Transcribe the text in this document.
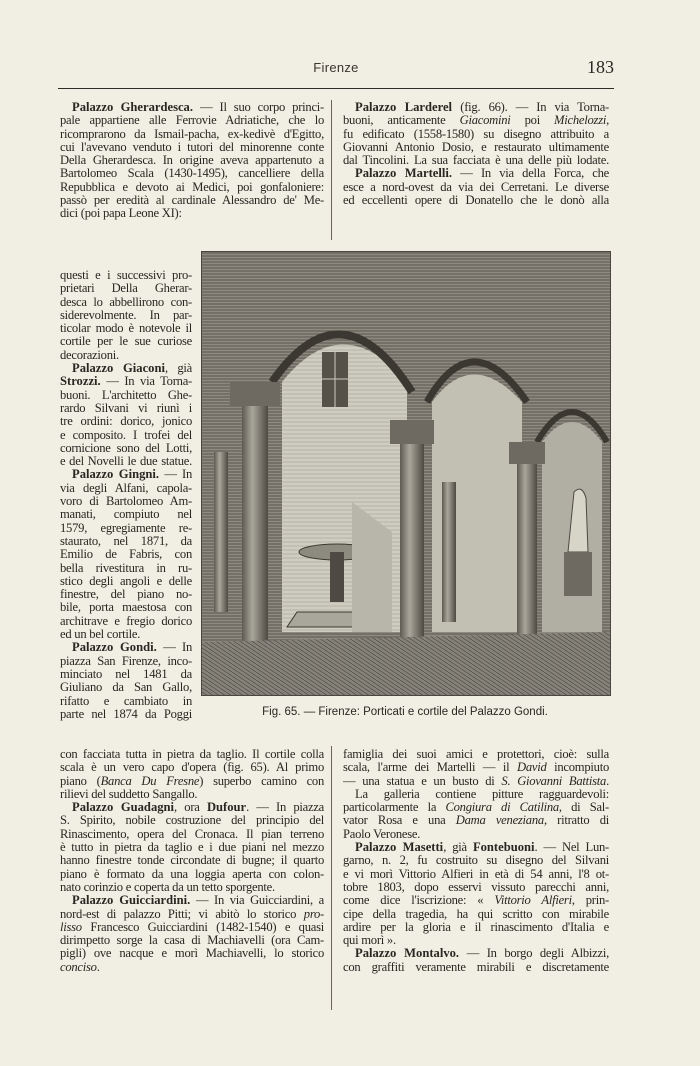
Firenze	183
Palazzo Gherardesca. — Il suo corpo princi-
pale appartiene alle Ferrovie Adriatiche, che lo
ricomprarono da Ismail-pacha, ex-kedivè d'Egitto,
cui l'avevano venduto i tutori del minorenne conte
Della Gherardesca. In origine aveva appartenuto a
Bartolomeo Scala (1430-1495), cancelliere della
Repubblica e devoto ai Medici, poi gonfaloniere:
passò per eredità al cardinale Alessandro de' Me-
dici (poi papa Leone XI):
questi e i successivi pro-
prietari Della Gherar-
desca lo abbellirono con-
siderevolmente. In par-
ticolar modo è notevole il
cortile per le sue curiose
decorazioni.
Palazzo Giaconi, già
Strozzi. — In via Torna-
buoni. L'architetto Ghe-
rardo Silvani vi riunì i
tre ordini: dorico, jonico
e composito. I trofei del
cornicione sono del Lotti,
e del Novelli le due statue.
Palazzo Gingni. — In
via degli Alfani, capola-
voro di Bartolomeo Am-
manati, compiuto nel
1579, egregiamente re-
staurato, nel 1871, da
Emilio de Fabris, con
bella rivestitura in ru-
stico degli angoli e delle
finestre, del piano no-
bile, porta maestosa con
architrave e fregio dorico
ed un bel cortile.
Palazzo Gondi. — In
piazza San Firenze, inco-
minciato nel 1481 da
Giuliano da San Gallo,
rifatto e cambiato in
parte nel 1874 da Poggi
con facciata tutta in pietra da taglio. Il cortile colla
scala è un vero capo d'opera (fig. 65). Al primo
piano (Banca Du Fresne) superbo camino con
rilievi del suddetto Sangallo.
Palazzo Guadagni, ora Dufour. — In piazza
S. Spirito, nobile costruzione del principio del
Rinascimento, opera del Cronaca. Il pian terreno
è tutto in pietra da taglio e i due piani nel mezzo
hanno finestre tonde circondate di bugne; il quarto
piano è formato da una loggia aperta con colon-
nato corinzio e coperta da un tetto sporgente.
Palazzo Guicciardini. — In via Guicciardini, a
nord-est di palazzo Pitti; vi abitò lo storico pro-
lisso Francesco Guicciardini (1482-1540) e quasi
dirimpetto sorge la casa di Machiavelli (ora Cam-
pigli) ove nacque e morì Machiavelli, lo storico
conciso.
Palazzo Larderel (fig. 66). — In via Torna-
buoni, anticamente Giacomini poi Michelozzi,
fu edificato (1558-1580) su disegno attribuito a
Giovanni Antonio Dosio, e restaurato ultimamente
dal Tincolini. La sua facciata è una delle più lodate.
Palazzo Martelli. — In via della Forca, che
esce a nord-ovest da via dei Cerretani. Le diverse
ed eccellenti opere di Donatello che le donò alla
Fig. 65. — Firenze: Porticati e cortile del Palazzo Gondi.
famiglia dei suoi amici e protettori, cioè: sulla
scala, l'arme dei Martelli — il David incompiuto
— una statua e un busto di S. Giovanni Battista.
La galleria contiene pitture ragguardevoli:
particolarmente la Congiura di Catilina, di Sal-
vator Rosa e una Dama veneziana, ritratto di
Paolo Veronese.
Palazzo Masetti, già Fontebuoni. — Nel Lun-
garno, n. 2, fu costruito su disegno del Silvani
e vi morì Vittorio Alfieri in età di 54 anni, l'8 ot-
tobre 1803, dopo esservi vissuto parecchi anni,
come dice l'iscrizione: « Vittorio Alfieri, prin-
cipe della tragedia, ha qui scritto con mirabile
ardire per la gloria e il rinascimento d'Italia e
qui morì ».
Palazzo Montalvo. — In borgo degli Albizzi,
con graffiti veramente mirabili e discretamente
